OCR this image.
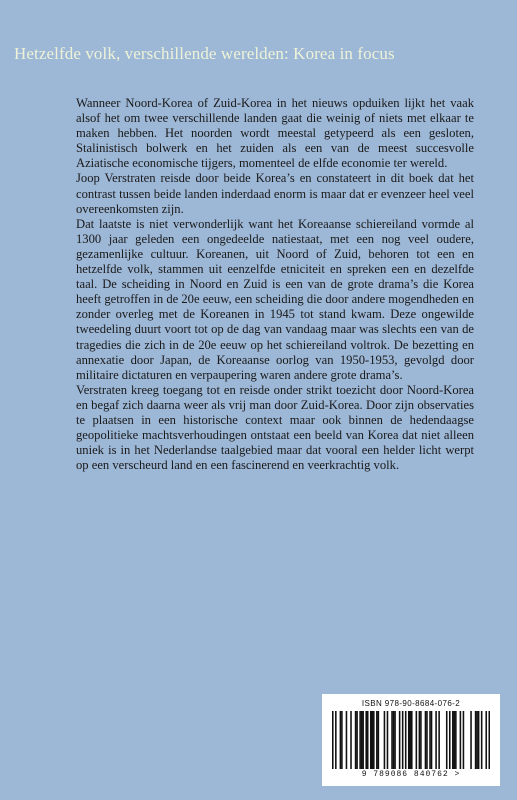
Hetzelfde volk, verschillende werelden: Korea in focus

Wanneer Noord-Korea of Zuid-Korea in het nieuws opduiken lijkt het vaak alsof het om twee verschillende landen gaat die weinig of niets met elkaar te maken hebben. Het noorden wordt meestal getypeerd als een gesloten, Stalinistisch bolwerk en het zuiden als een van de meest succesvolle Aziatische economische tijgers, momenteel de elfde economie ter wereld.

Joop Verstraten reisde door beide Korea’s en constateert in dit boek dat het contrast tussen beide landen inderdaad enorm is maar dat er evenzeer heel veel overeenkomsten zijn.

Dat laatste is niet verwonderlijk want het Koreaanse schiereiland vormde al 1300 jaar geleden een ongedeelde natiestaat, met een nog veel oudere, gezamenlijke cultuur. Koreanen, uit Noord of Zuid, behoren tot een en hetzelfde volk, stammen uit eenzelfde etniciteit en spreken een en dezelfde taal. De scheiding in Noord en Zuid is een van de grote drama’s die Korea heeft getroffen in de 20e eeuw, een scheiding die door andere mogendheden en zonder overleg met de Koreanen in 1945 tot stand kwam. Deze ongewilde tweedeling duurt voort tot op de dag van vandaag maar was slechts een van de tragedies die zich in de 20e eeuw op het schiereiland voltrok. De bezetting en annexatie door Japan, de Koreaanse oorlog van 1950-1953, gevolgd door militaire dictaturen en verpaupering waren andere grote drama’s.

Verstraten kreeg toegang tot en reisde onder strikt toezicht door Noord-Korea en begaf zich daarna weer als vrij man door Zuid-Korea. Door zijn observaties te plaatsen in een historische context maar ook binnen de hedendaagse geopolitieke machtsverhoudingen ontstaat een beeld van Korea dat niet alleen uniek is in het Nederlandse taalgebied maar dat vooral een helder licht werpt op een verscheurd land en een fascinerend en veerkrachtig volk.

ISBN 978-90-8684-076-2
9 789086 840762 >
